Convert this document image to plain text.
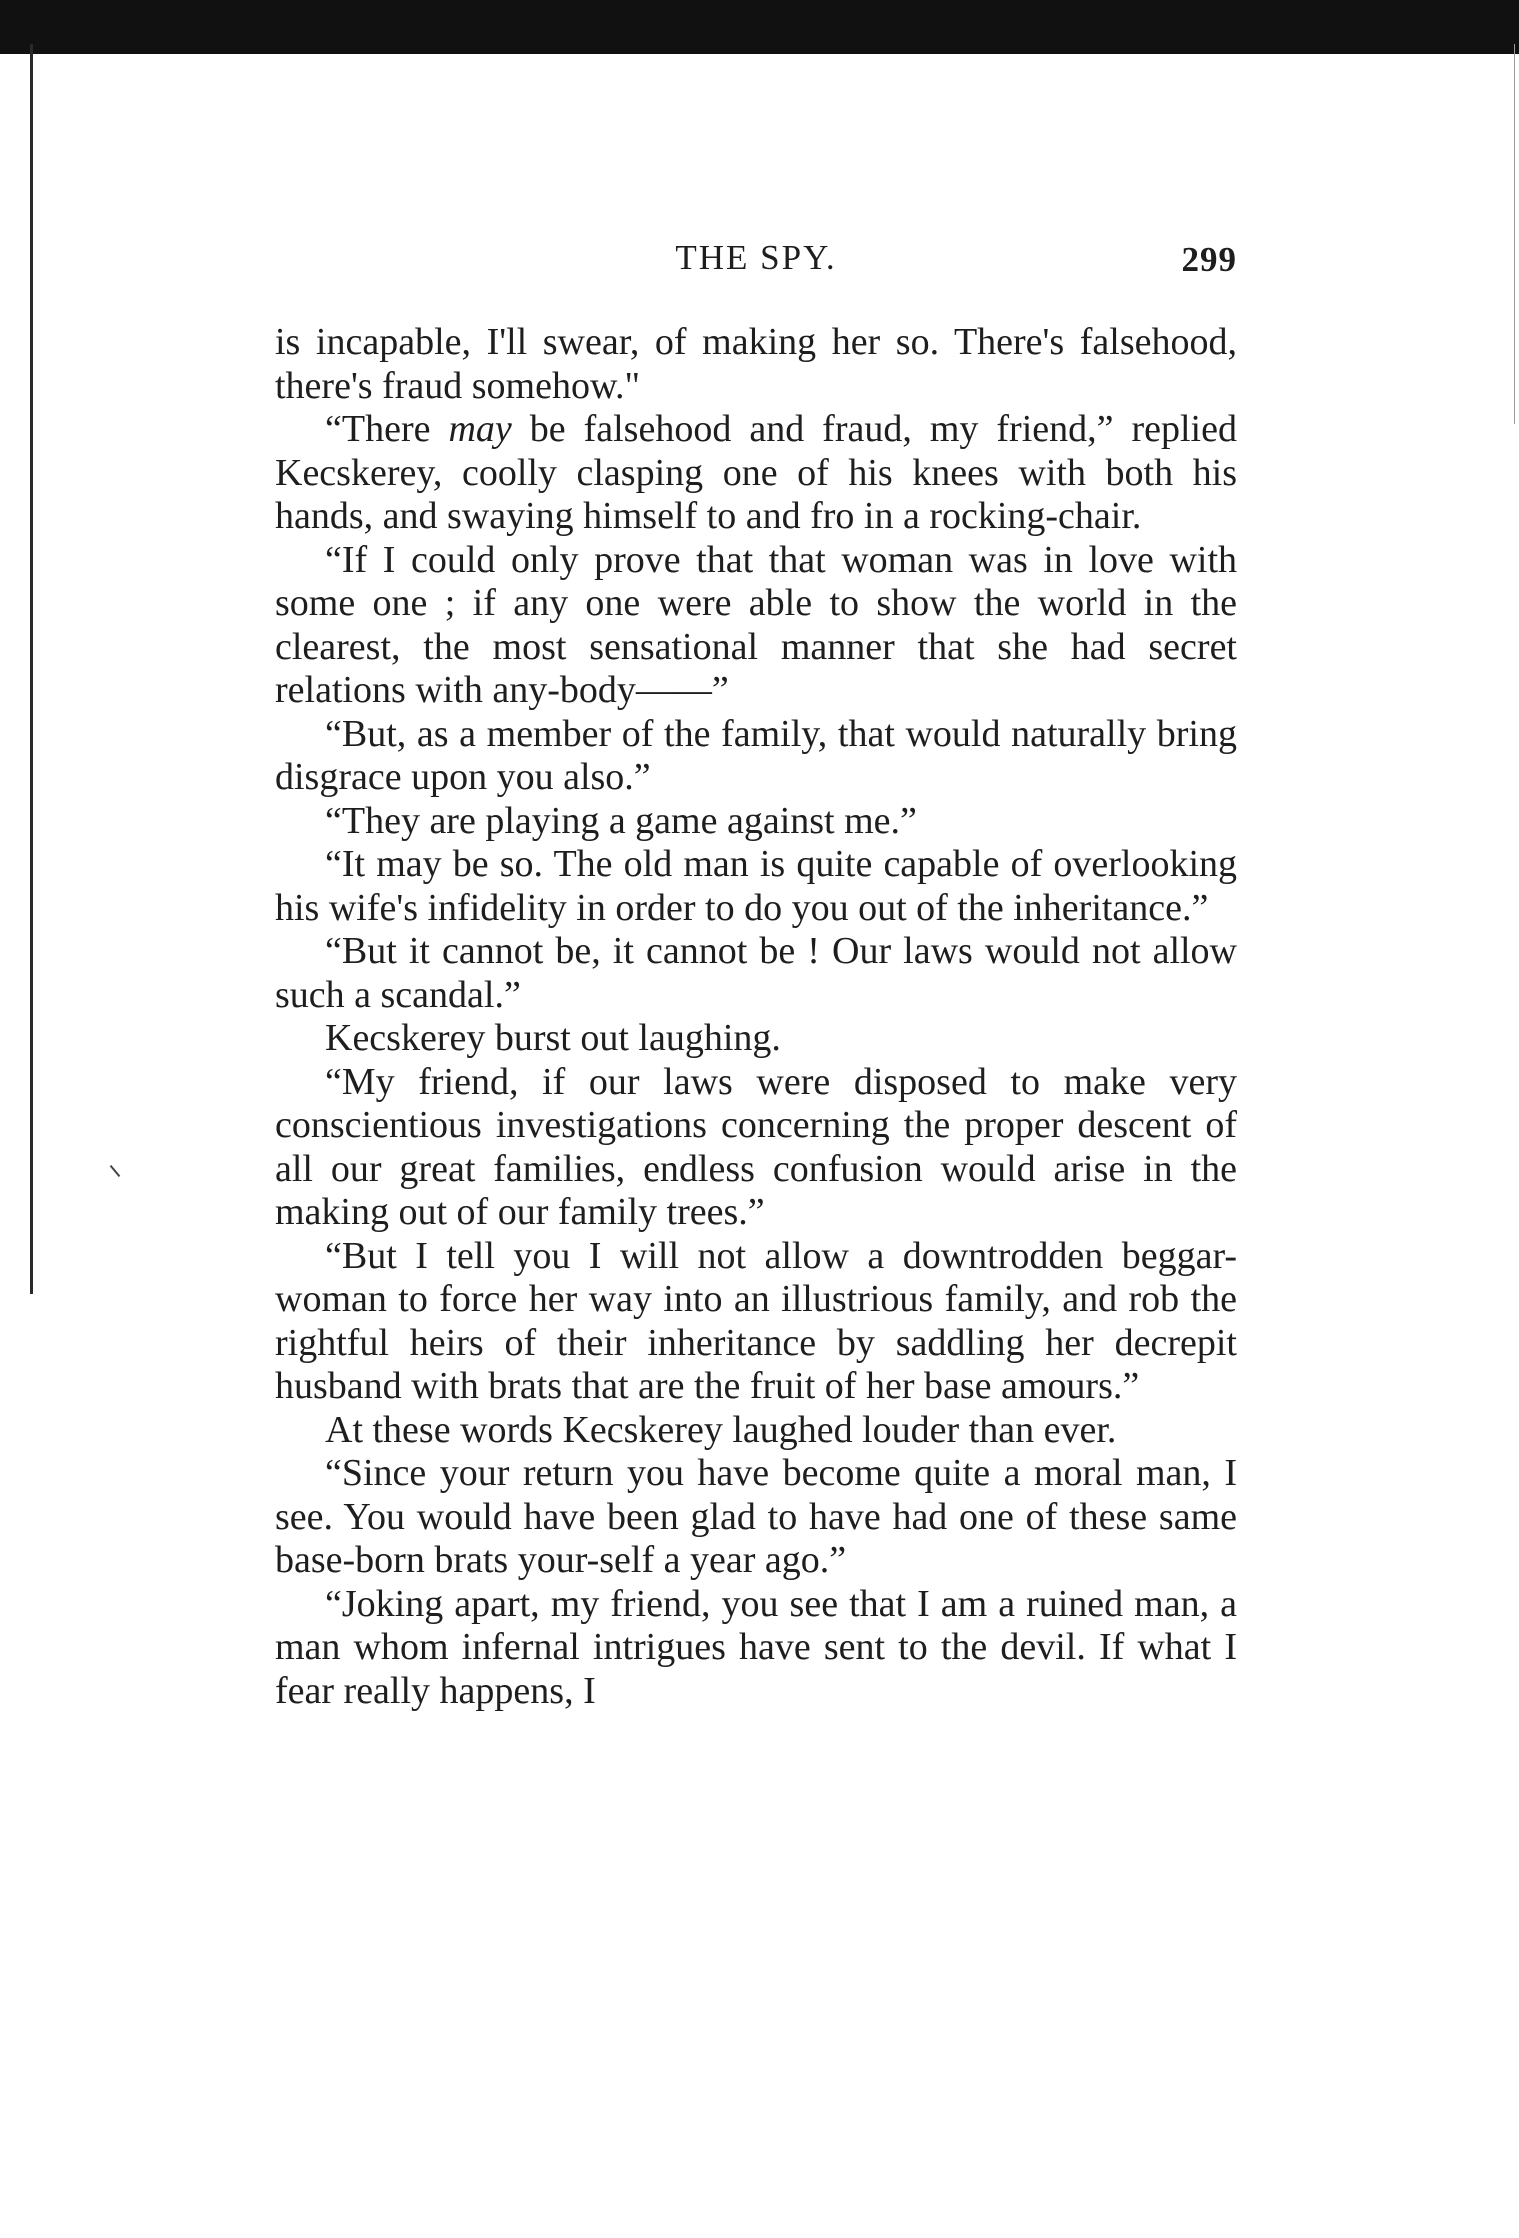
THE SPY.	299

is incapable, I'll swear, of making her so. There's falsehood, there's fraud somehow."

“There may be falsehood and fraud, my friend,” replied Kecskerey, coolly clasping one of his knees with both his hands, and swaying himself to and fro in a rocking-chair.

“If I could only prove that that woman was in love with some one ; if any one were able to show the world in the clearest, the most sensational manner that she had secret relations with any-body——”

“But, as a member of the family, that would naturally bring disgrace upon you also.”

“They are playing a game against me.”

“It may be so. The old man is quite capable of overlooking his wife's infidelity in order to do you out of the inheritance.”

“But it cannot be, it cannot be ! Our laws would not allow such a scandal.”

Kecskerey burst out laughing.

“My friend, if our laws were disposed to make very conscientious investigations concerning the proper descent of all our great families, endless confusion would arise in the making out of our family trees.”

“But I tell you I will not allow a downtrodden beggar-woman to force her way into an illustrious family, and rob the rightful heirs of their inheritance by saddling her decrepit husband with brats that are the fruit of her base amours.”

At these words Kecskerey laughed louder than ever.

“Since your return you have become quite a moral man, I see. You would have been glad to have had one of these same base-born brats your-self a year ago.”

“Joking apart, my friend, you see that I am a ruined man, a man whom infernal intrigues have sent to the devil. If what I fear really happens, I
